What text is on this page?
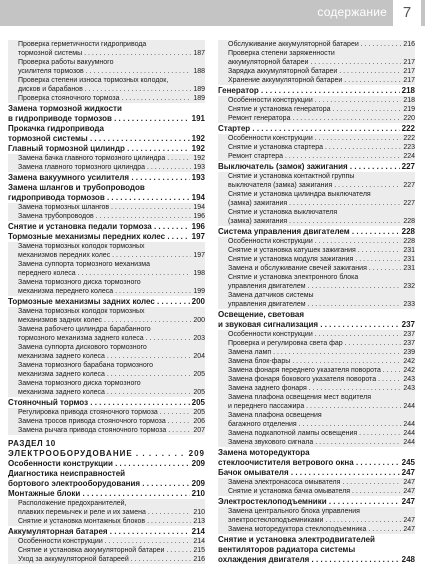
содержание	7
Проверка герметичности гидропривода
тормозной системы . . .	187
Проверка работы вакуумного
усилителя тормозов . . .	188
Проверка степени износа тормозных колодок,
дисков и барабанов . . .	189
Проверка стояночного тормоза . . .	189
Замена тормозной жидкости
в гидроприводе тормозов . . .	191
Прокачка гидропривода
тормозной системы . . .	192
Главный тормозной цилиндр . . .	192
Замена бачка главного тормозного цилиндра . . .	192
Замена главного тормозного цилиндра . . .	193
Замена вакуумного усилителя . . .	193
Замена шлангов и трубопроводов
гидропривода тормозов . . .	194
Замена тормозных шлангов . . .	194
Замена трубопроводов . . .	196
Снятие и установка педали тормоза . . .	196
Тормозные механизмы передних колес . . .	197
Замена тормозных колодок тормозных
механизмов передних колес . . .	197
Замена суппорта тормозного механизма
переднего колеса . . .	198
Замена тормозного диска тормозного
механизма переднего колеса . . .	199
Тормозные механизмы задних колес . . .	200
Замена тормозных колодок тормозных
механизмов задних колес . . .	200
Замена рабочего цилиндра барабанного
тормозного механизма заднего колеса . . .	203
Замена суппорта дискового тормозного
механизма заднего колеса . . .	204
Замена тормозного барабана тормозного
механизма заднего колеса . . .	205
Замена тормозного диска тормозного
механизма заднего колеса . . .	205
Стояночный тормоз . . .	205
Регулировка привода стояночного тормоза . . .	205
Замена тросов привода стояночного тормоза . . .	206
Замена рычага привода стояночного тормоза . . .	207
РАЗДЕЛ 10
ЭЛЕКТРООБОРУДОВАНИЕ . . .	209
Особенности конструкции . . .	209
Диагностика неисправностей
бортового электрооборудования . . .	209
Монтажные блоки . . .	210
Расположение предохранителей,
плавких перемычек и реле и их замена . . .	210
Снятие и установка монтажных блоков . . .	213
Аккумуляторная батарея . . .	214
Особенности конструкции . . .	214
Снятие и установка аккумуляторной батареи . . .	215
Уход за аккумуляторной батареей . . .	216
Обслуживание аккумуляторной батареи . . .	216
Проверка степени заряженности
аккумуляторной батареи . . .	217
Зарядка аккумуляторной батареи . . .	217
Хранение аккумуляторной батареи . . .	217
Генератор . . .	218
Особенности конструкции . . .	218
Снятие и установка генератора . . .	219
Ремонт генератора . . .	220
Стартер . . .	222
Особенности конструкции . . .	222
Снятие и установка стартера . . .	223
Ремонт стартера . . .	224
Выключатель (замок) зажигания . . .	227
Снятие и установка контактной группы
выключателя (замка) зажигания . . .	227
Снятие и установка цилиндра выключателя
(замка) зажигания . . .	227
Снятие и установка выключателя
(замка) зажигания . . .	228
Система управления двигателем . . .	228
Особенности конструкции . . .	228
Снятие и установка катушек зажигания . . .	231
Снятие и установка модуля зажигания . . .	231
Замена и обслуживание свечей зажигания . . .	231
Снятие и установка электронного блока
управления двигателем . . .	232
Замена датчиков системы
управления двигателем . . .	233
Освещение, световая
и звуковая сигнализация . . .	237
Особенности конструкции . . .	237
Проверка и регулировка света фар . . .	237
Замена ламп . . .	239
Замена блок-фары . . .	242
Замена фонаря переднего указателя поворота . . .	242
Замена фонаря бокового указателя поворота . . .	243
Замена заднего фонаря . . .	243
Замена плафона освещения мест водителя
и переднего пассажира . . .	244
Замена плафона освещения
багажного отделения . . .	244
Замена подкапотной лампы освещения . . .	244
Замена звукового сигнала . . .	244
Замена моторедуктора
стеклоочистителя ветрового окна . . .	245
Бачок омывателя . . .	247
Замена электронасоса омывателя . . .	247
Снятие и установка бачка омывателя . . .	247
Электростеклоподъемники . . .	247
Замена центрального блока управления
электростеклоподъемниками . . .	247
Замена моторедуктора стеклоподъемника . . .	247
Снятие и установка электродвигателей
вентиляторов радиатора системы
охлаждения двигателя . . .	248
